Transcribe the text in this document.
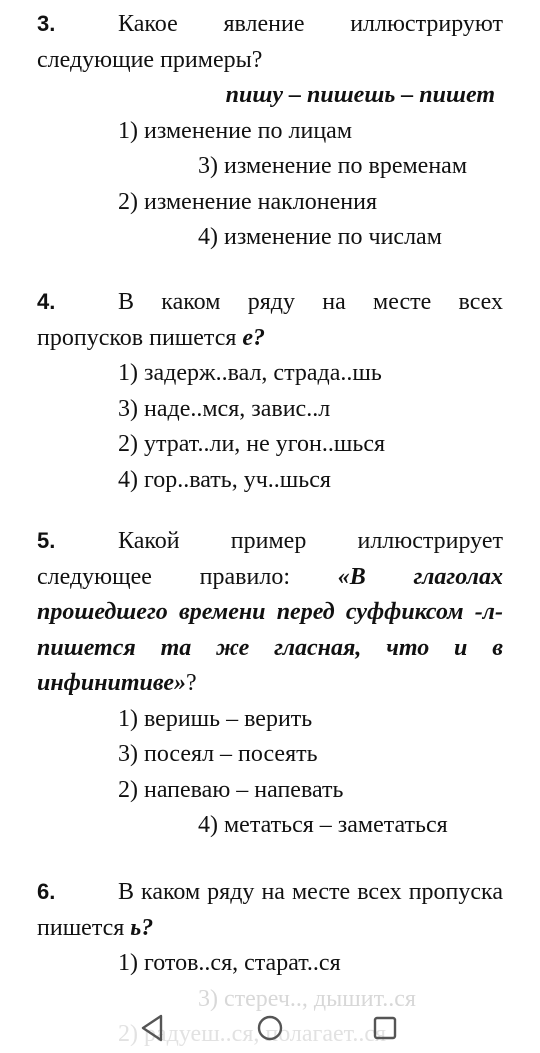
3.	Какое явление иллюстрируют следующие примеры?
пишу – пишешь – пишет
1) изменение по лицам
3) изменение по временам
2) изменение наклонения
4) изменение по числам
4.	В каком ряду на месте всех пропусков пишется е?
1) задерж..вал, страда..шь
3) наде..мся, завис..л
2) утрат..ли, не угон..шься
4) гор..вать, уч..шься
5.	Какой пример иллюстрирует следующее правило: «В глаголах прошедшего времени перед суффиксом -л- пишется та же гласная, что и в инфинитиве»?
1) веришь – верить
3) посеял – посеять
2) напеваю – напевать
4) метаться – заметаться
6.	В каком ряду на месте всех пропуска пишется ь?
1) готов..ся, старат..ся
3) стереч.., дышит..ся
2) радуеш..ся, полагает..ся
